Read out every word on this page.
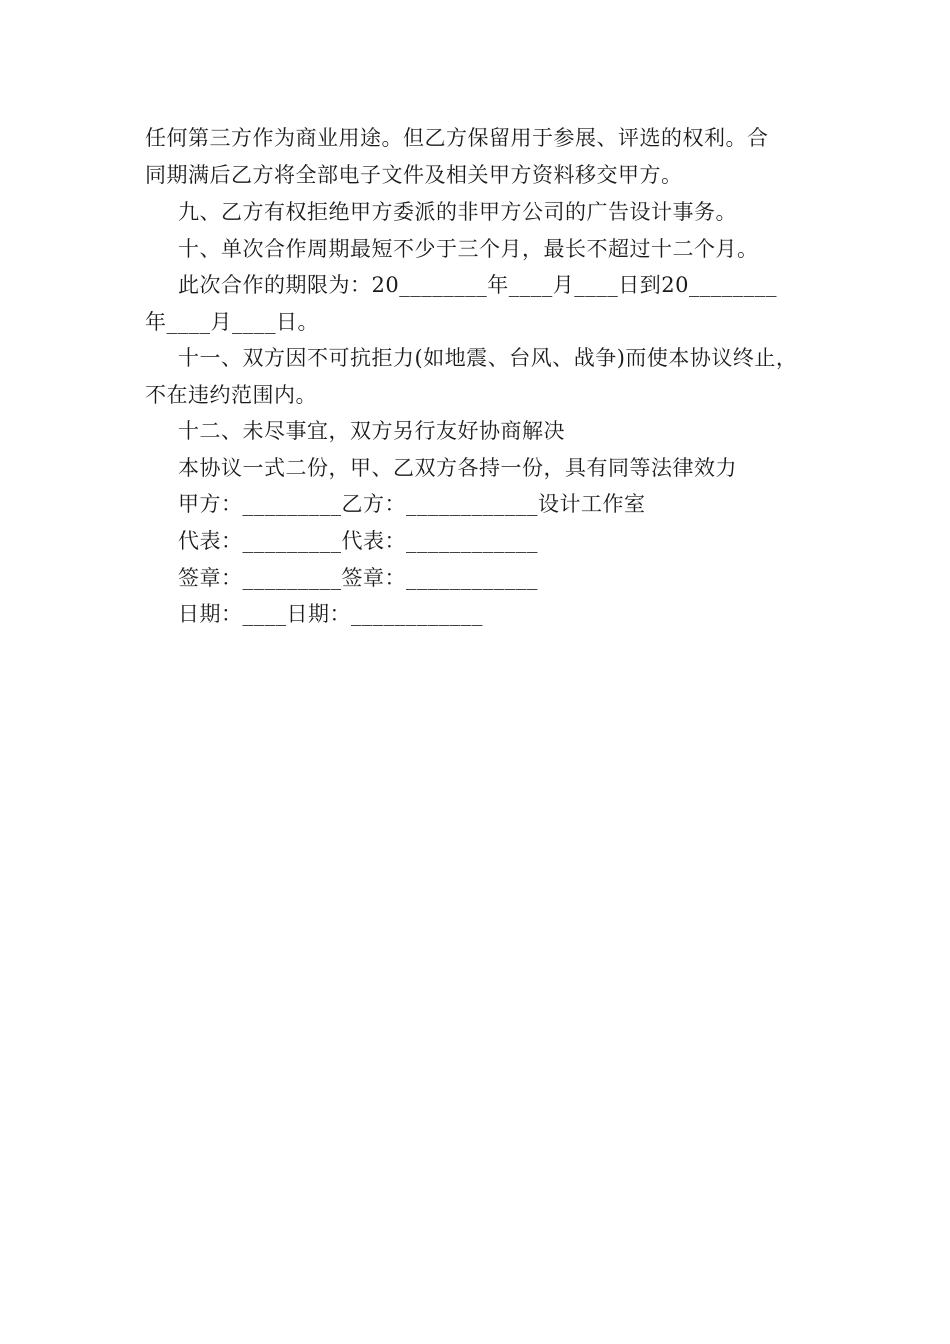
任何第三方作为商业用途。但乙方保留用于参展、评选的权利。合
同期满后乙方将全部电子文件及相关甲方资料移交甲方。
九、乙方有权拒绝甲方委派的非甲方公司的广告设计事务。
十、单次合作周期最短不少于三个月，最长不超过十二个月。
此次合作的期限为：20________年____月____日到20________
年____月____日。
十一、双方因不可抗拒力(如地震、台风、战争)而使本协议终止，
不在违约范围内。
十二、未尽事宜，双方另行友好协商解决
本协议一式二份，甲、乙双方各持一份，具有同等法律效力
甲方：_________乙方：____________设计工作室
代表：_________代表：____________
签章：_________签章：____________
日期：____日期：____________
